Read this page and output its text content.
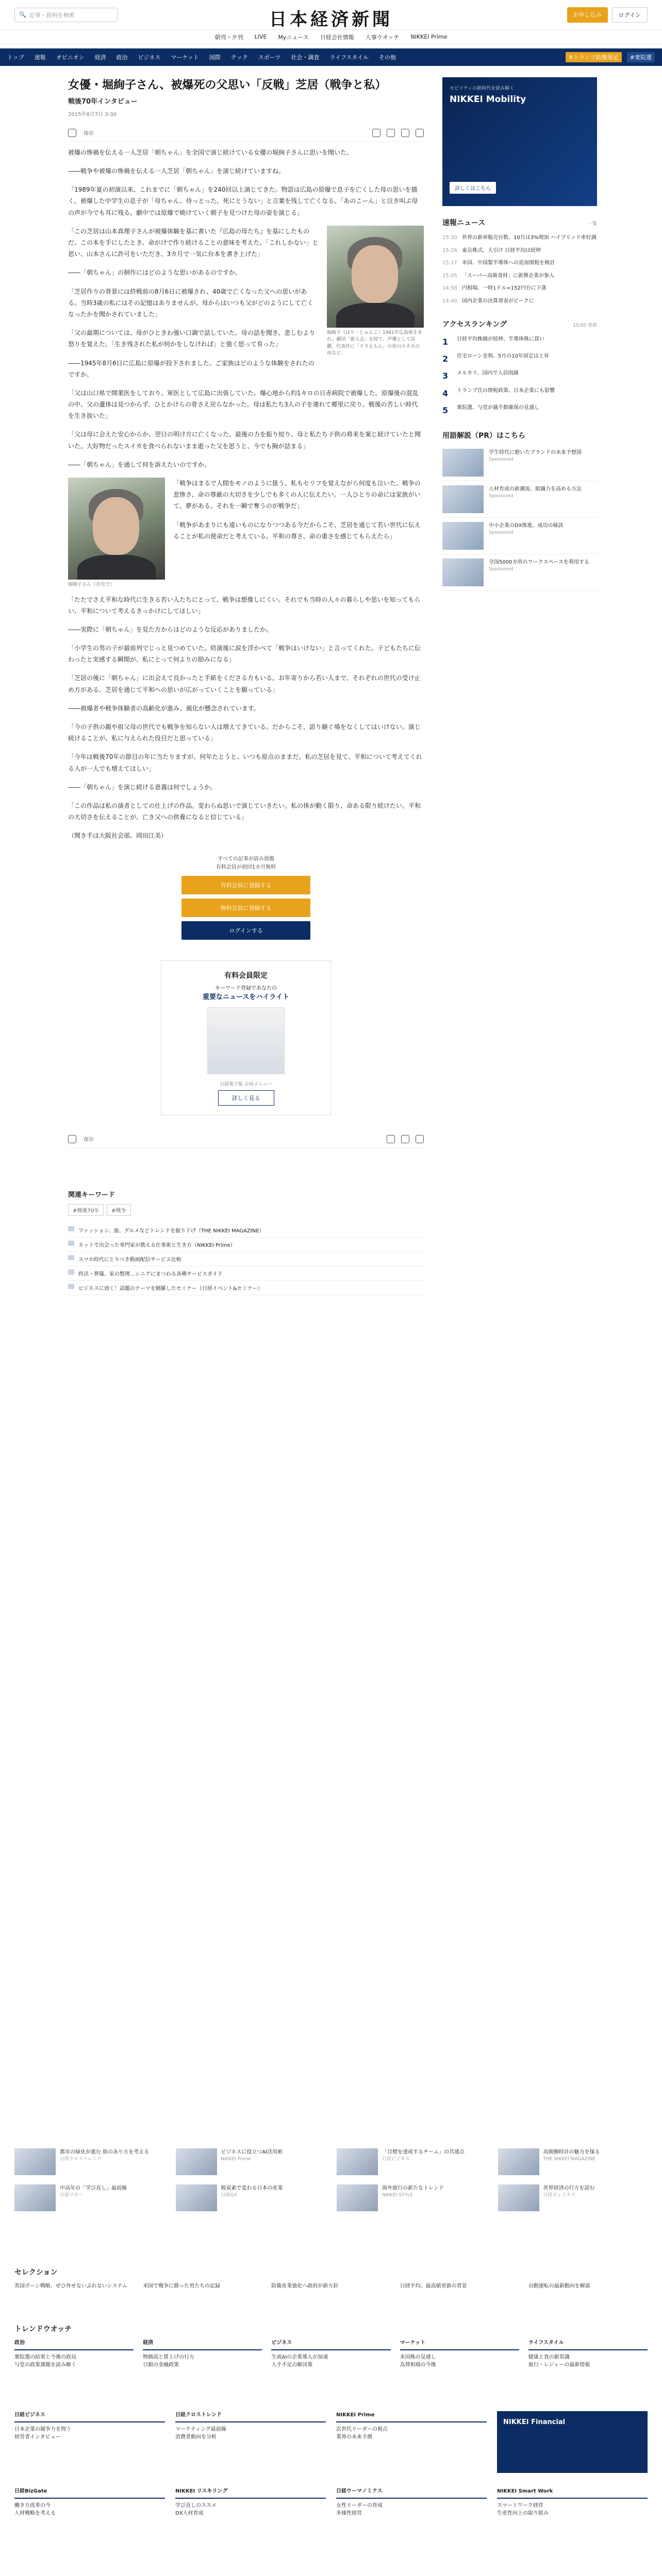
🔍 記事・銘柄を検索	日本経済新聞	お申し込み	ログイン
朝刊・夕刊 LIVE Myニュース 日経会社情報 人事ウオッチ NIKKEI Prime
トップ 速報 オピニオン 経済 政治 ビジネス マーケット 国際 テック スポーツ 社会・調査 ライフスタイル その他	#トランプ政権発足	#衆院選
女優・堀絢子さん、被爆死の父思い「反戦」芝居（戦争と私）
戦後70年インタビュー
2015年8月7日 3:30
保存

被爆の惨禍を伝える一人芝居「朝ちゃん」を全国で演じ続けている女優の堀絢子さんに思いを聞いた。

――戦争や被爆の惨禍を伝える一人芝居「朝ちゃん」を演じ続けていますね。

「1989年夏の初演以来、これまでに「朝ちゃん」を240回以上演じてきた。物語は広島の原爆で息子を亡くした母の思いを描く。被爆した中学生の息子が「母ちゃん、待っとった。死にとうない」と言葉を残して亡くなる。「あのこーん」と泣き叫ぶ母の声が今でも耳に残る。劇中では原爆で焼けていく朝子を見つけた母の姿を演じる」

堀絢子（ほり・じゅんこ）1941年広島県生まれ。劇団「新人会」を経て、声優として活躍。代表作に「ドラえもん」の骨川スネ夫の母など。

「この芝居は山本真理子さんが被爆体験を基に書いた『広島の母たち』を基にしたものだ。この本を手にしたとき、命がけで作り続けることの意味を考えた。「これしかない」と思い、山本さんに許可をいただき、3カ月で一気に台本を書き上げた」

――「朝ちゃん」の制作にはどのような思いがあるのですか。

「芝居作りの背景には終戦前の8月6日に被爆され、40歳で亡くなった父への思いがある。当時3歳の私にはその記憶はありませんが、母からはいつも父がどのようにして亡くなったかを聞かされていました」

「父の最期については、母がひときわ強い口調で話していた。母の話を聞き、悲しむより怒りを覚えた。「生き残された私が何かをしなければ」と強く思って育った」

――1945年8月6日に広島に原爆が投下されました。ご家族はどのような体験をされたのですか。

「父は山口県で開業医をしており、軍医として広島に出張していた。爆心地から約1キロの日赤病院で被爆した。原爆後の混乱の中、父の遺体は見つからず、ひとかけらの骨さえ戻らなかった。母は私たち3人の子を連れて郷里に戻り、戦後の苦しい時代を生き抜いた」

「父は母に会えた安心からか、翌日の明け方に亡くなった。最後の力を振り絞り、母と私たち子供の将来を案じ続けていたと聞いた。大好物だったスイカを食べられないまま逝った父を思うと、今でも胸が詰まる」

――「朝ちゃん」を通して何を訴えたいのですか。

堀絢子さん（自宅で）

「戦争はまるで人間をモノのように扱う。私もセリフを覚えながら何度も泣いた。戦争の悲惨さ、命の尊厳の大切さを少しでも多くの人に伝えたい。一人ひとりの命には家族がいて、夢がある。それを一瞬で奪うのが戦争だ」

「戦争があまりにも遠いものになりつつある今だからこそ、芝居を通じて若い世代に伝えることが私の使命だと考えている。平和の尊さ、命の重さを感じてもらえたら」

「たたでさえ平和な時代に生きる若い人たちにとって、戦争は想像しにくい。それでも当時の人々の暮らしや思いを知ってもらい、平和について考えるきっかけにしてほしい」

――実際に「朝ちゃん」を見た方からはどのような反応がありましたか。

「小学生の男の子が最前列でじっと見つめていた。終演後に涙を浮かべて「戦争はいけない」と言ってくれた。子どもたちに伝わったと実感する瞬間が、私にとって何よりの励みになる」

「芝居の後に「朝ちゃん」に出会えて良かったと手紙をくださる方もいる。お年寄りから若い人まで、それぞれの世代の受け止め方がある。芝居を通じて平和への思いが広がっていくことを願っている」

――被爆者や戦争体験者の高齢化が進み、風化が懸念されています。

「今の子供の親や祖父母の世代でも戦争を知らない人は増えてきている。だからこそ、語り継ぐ場をなくしてはいけない。演じ続けることが、私に与えられた役目だと思っている」

「今年は戦後70年の節目の年に当たりますが、何年たとうと、いつも原点のままだ。私の芝居を見て、平和について考えてくれる人が一人でも増えてほしい」

――「朝ちゃん」を演じ続ける意義は何でしょうか。

「この作品は私の演者としての仕上げの作品。変わらぬ思いで演じていきたい。私の体が動く限り、命ある限り続けたい。平和の大切さを伝えることが、亡き父への供養になると信じている」

（聞き手は大阪社会部、岡田江美）

すべての記事が読み放題
有料会員が初回1カ月無料
有料会員に登録する
無料会員に登録する
ログインする
有料会員限定
キーワード登録であなたの
重要なニュースをハイライト
日経電子版 会員メニュー
詳しく見る
保存
関連キーワード
#戦後70年	#戦争
ファッション、旅、グルメなどトレンドを掘り下げ（THE NIKKEI MAGAZINE）
ネットで出会った専門家が教える仕事術と生き方（NIKKEI Prime）
スマホ時代にとりべき動画配信サービス比較
終活・葬儀、家の整理…シニアにまつわる各種サービスガイド
ビジネスに効く！話題のテーマを網羅したセミナー（日経イベント&セミナー）
モビリティの新時代を読み解く
NIKKEI Mobility
詳しくはこちら
速報ニュース	一覧
15:30 世界の新車販売台数、10月は3%増加 ハイブリッド車好調
15:26 東京株式、大引け 日経平均は続伸
15:17 米国、中国製半導体への追加関税を検討
15:05 「スーパー高級食材」に新興企業が参入
14:58 円相場、一時1ドル=152円台に下落
14:40 国内企業の決算発表がピークに
アクセスランキング	15:00 更新
1	日経平均株価が続伸、半導体株に買い
2	住宅ローン金利、5月の10年固定は上昇
3	メルカリ、国内で人員削減
4	トランプ氏の関税政策、日本企業にも影響
5	衆院選、与党が過半数確保の見通し
用語解説（PR）はこちら
学生時代に抱いたブランドの未来予想図
Sponsored
人材育成の新潮流、組織力を高める方法
Sponsored
中小企業のDX推進、成功の秘訣
Sponsored
全国5000カ所のワークスペースを利用する
Sponsored
都市の緑化が進む 街のあり方を考える
日経クロストレンド
ビジネスに役立つAI活用術
NIKKEI Prime
「目標を達成するチーム」の共通点
日経ビジネス
高級腕時計の魅力を探る
THE NIKKEI MAGAZINE
中高年の「学び直し」最前線
日経マネー
脱炭素で変わる日本の産業
日経GX
海外旅行の新たなトレンド
NIKKEI STYLE
世界経済の行方を読む
日経ヴェリタス
セレクション
英国ボーン戦略、ぜひ外せないぶれないシステム	米国で戦争に勝った男たちの記録	防衛産業強化へ政府が新方針	日経平均、最高値更新の背景	自動運転の最新動向を解説
トレンドウオッチ
政治
衆院選の結果と今後の政局
与党の政策課題を読み解く
経済
物価高と賃上げの行方
日銀の金融政策
ビジネス
生成AIの企業導入が加速
人手不足の解決策
マーケット
米国株の見通し
為替相場の今後
ライフスタイル
健康と食の新常識
旅行・レジャーの最新情報
日経ビジネス
日本企業の競争力を問う
経営者インタビュー
日経クロストレンド
マーケティング最前線
消費者動向を分析
NIKKEI Prime
次世代リーダーの視点
業界の未来予測
NIKKEI Financial
日経BizGate
働き方改革の今
人材戦略を考える
NIKKEI リスキリング
学び直しのススメ
DX人材育成
日経ウーマノミクス
女性リーダーの育成
多様性経営
NIKKEI Smart Work
スマートワーク経営
生産性向上の取り組み
